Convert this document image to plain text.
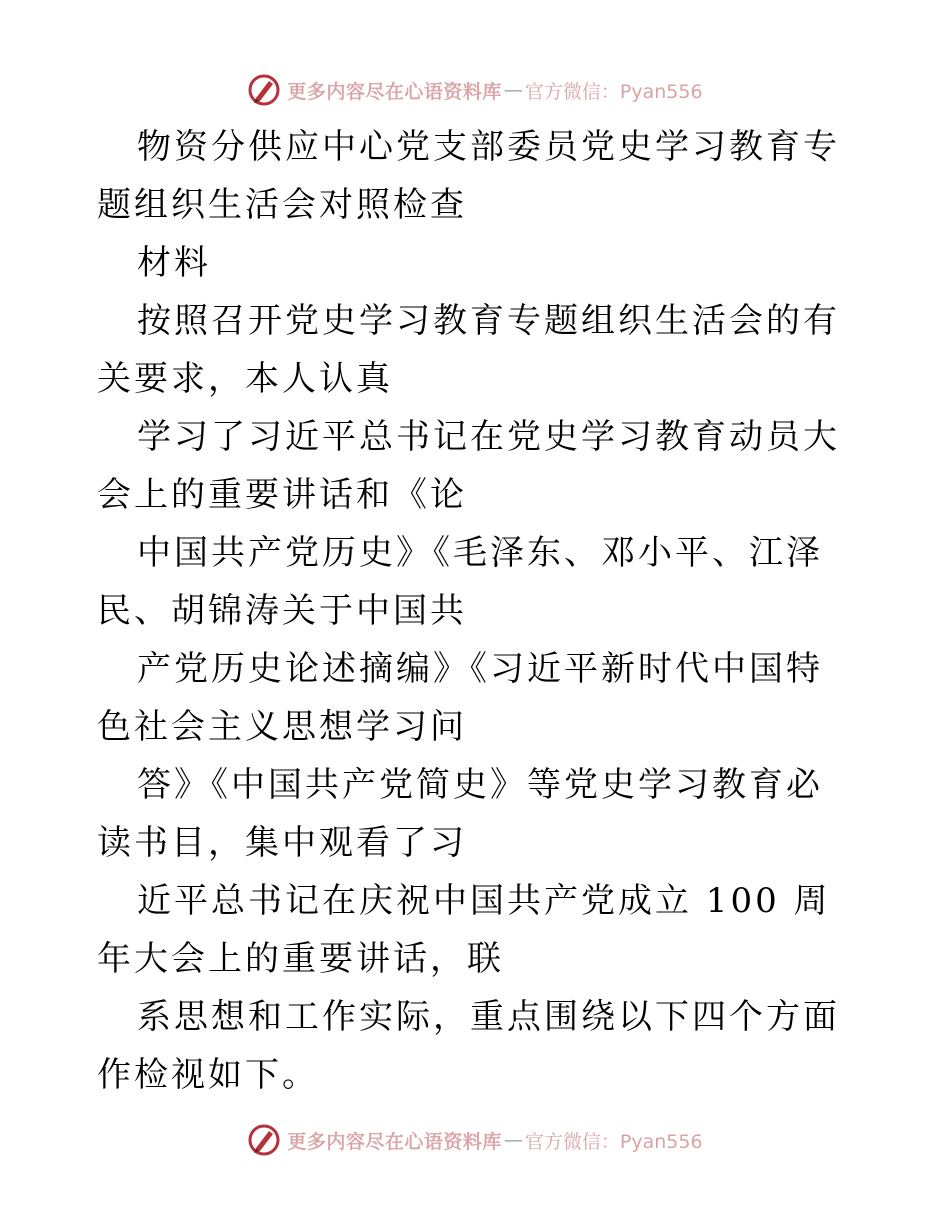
更多内容尽在心语资料库 — 官方微信：Pyan556

物资分供应中心党支部委员党史学习教育专题组织生活会对照检查

材料

按照召开党史学习教育专题组织生活会的有关要求，本人认真

学习了习近平总书记在党史学习教育动员大会上的重要讲话和《论

中国共产党历史》《毛泽东、邓小平、江泽民、胡锦涛关于中国共

产党历史论述摘编》《习近平新时代中国特色社会主义思想学习问

答》《中国共产党简史》等党史学习教育必读书目，集中观看了习

近平总书记在庆祝中国共产党成立 100 周年大会上的重要讲话，联

系思想和工作实际，重点围绕以下四个方面作检视如下。

更多内容尽在心语资料库 — 官方微信：Pyan556
